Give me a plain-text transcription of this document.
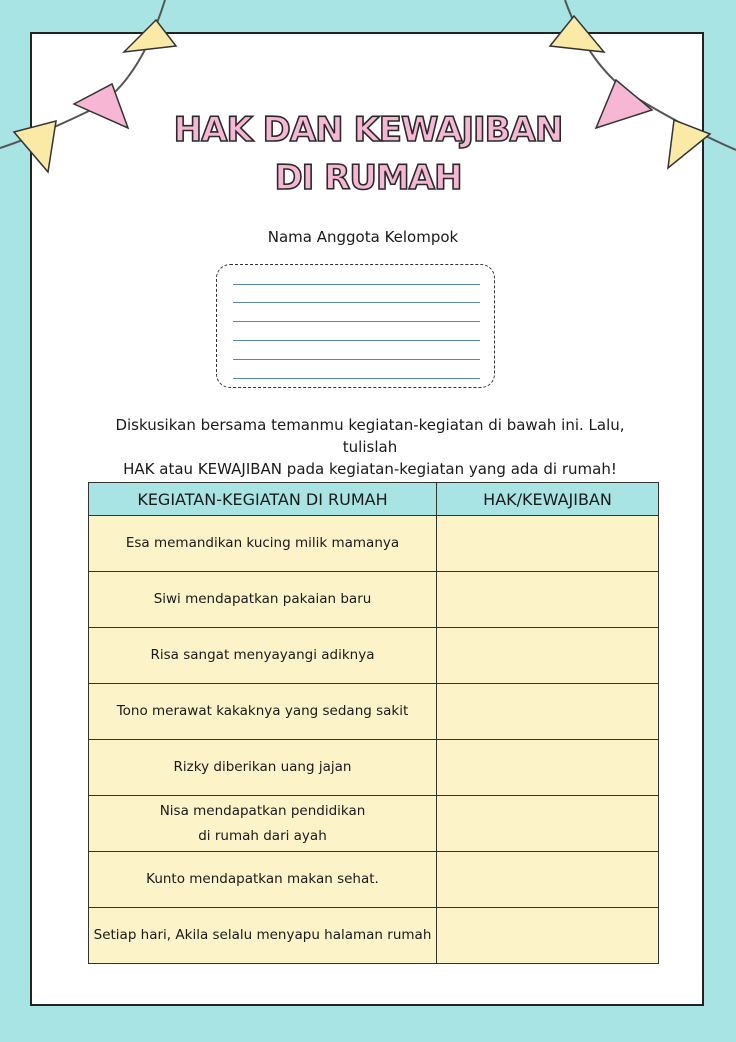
HAK DAN KEWAJIBAN
DI RUMAH
Nama Anggota Kelompok
Diskusikan bersama temanmu kegiatan-kegiatan di bawah ini. Lalu, tulislah
HAK atau KEWAJIBAN pada kegiatan-kegiatan yang ada di rumah!
KEGIATAN-KEGIATAN DI RUMAH	HAK/KEWAJIBAN
Esa memandikan kucing milik mamanya	
Siwi mendapatkan pakaian baru	
Risa sangat menyayangi adiknya	
Tono merawat kakaknya yang sedang sakit	
Rizky diberikan uang jajan	
Nisa mendapatkan pendidikan di rumah dari ayah	
Kunto mendapatkan makan sehat.	
Setiap hari, Akila selalu menyapu halaman rumah	
